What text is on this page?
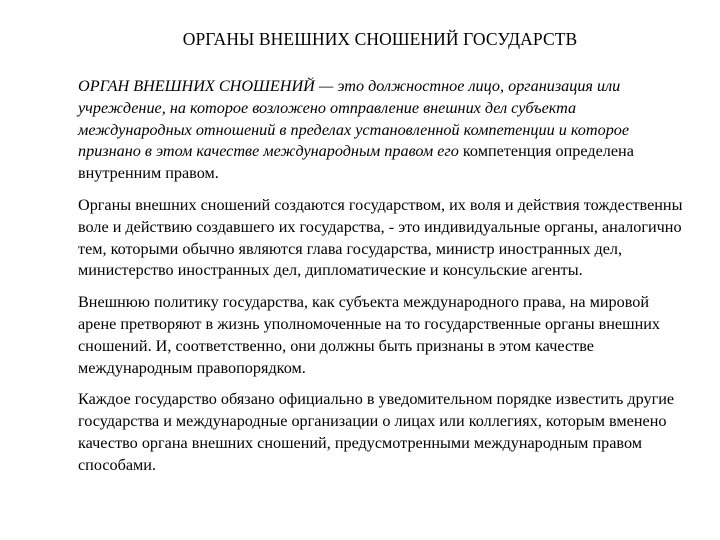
ОРГАНЫ ВНЕШНИХ СНОШЕНИЙ ГОСУДАРСТВ

ОРГАН ВНЕШНИХ СНОШЕНИЙ — это должностное лицо, организация или учреждение, на которое возложено отправление внешних дел субъекта международных отношений в пределах установленной компетенции и которое признано в этом качестве международным правом его компетенция определена внутренним правом.

Органы внешних сношений создаются государством, их воля и действия тождественны воле и действию создавшего их государства, - это индивидуальные органы, аналогично тем, которыми обычно являются глава государства, министр иностранных дел, министерство иностранных дел, дипломатические и консульские агенты.

Внешнюю политику государства, как субъекта международного права, на мировой арене претворяют в жизнь уполномоченные на то государственные органы внешних сношений. И, соответственно, они должны быть признаны в этом качестве международным правопорядком.

Каждое государство обязано официально в уведомительном порядке известить другие государства и международные организации о лицах или коллегиях, которым вменено качество органа внешних сношений, предусмотренными международным правом способами.
